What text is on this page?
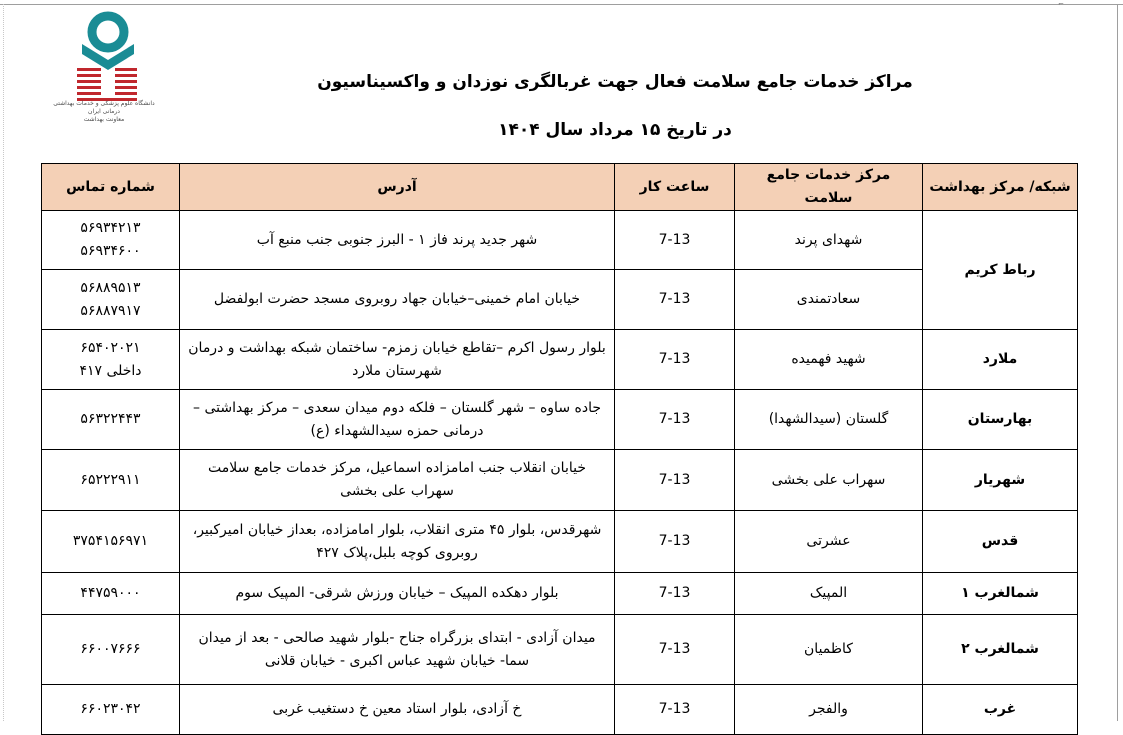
⌐
دانشگاه علوم پزشکی و خدمات بهداشتی درمانی ایران
معاونت بهداشت
مراکز خدمات جامع سلامت فعال جهت غربالگری نوزدان و واکسیناسیون
در تاریخ ۱۵ مرداد سال ۱۴۰۴
شبکه/ مرکز بهداشت	مرکز خدمات جامع سلامت	ساعت کار	آدرس	شماره تماس
رباط کریم	شهدای پرند	7-13	شهر جدید پرند فاز ۱ - البرز جنوبی جنب منبع آب	۵۶۹۳۴۲۱۳
۵۶۹۳۴۶۰۰

	سعادتمندی	7-13	خیابان امام خمینی–خیابان جهاد روبروی مسجد حضرت ابولفضل	۵۶۸۸۹۵۱۳
۵۶۸۸۷۹۱۷

ملارد	شهید فهمیده	7-13	بلوار رسول اکرم –تقاطع خیابان زمزم- ساختمان شبکه بهداشت و درمان شهرستان ملارد	۶۵۴۰۲۰۲۱
داخلی ۴۱۷

بهارستان	گلستان (سیدالشهدا)	7-13	جاده ساوه – شهر گلستان – فلکه دوم میدان سعدی – مرکز بهداشتی – درمانی حمزه سیدالشهداء (ع)	۵۶۳۲۲۴۴۳

شهریار	سهراب علی بخشی	7-13	خیابان انقلاب جنب امامزاده اسماعیل، مرکز خدمات جامع سلامت سهراب علی بخشی	۶۵۲۲۲۹۱۱

قدس	عشرتی	7-13	شهرقدس، بلوار ۴۵ متری انقلاب، بلوار امامزاده، بعداز خیابان امیرکبیر، روبروی کوچه بلبل،پلاک ۴۲۷	۳۷۵۴۱۵۶۹۷۱

شمالغرب ۱	المپیک	7-13	بلوار دهکده المپیک – خیابان ورزش شرقی- المپیک سوم	۴۴۷۵۹۰۰۰

شمالغرب ۲	کاظمیان	7-13	میدان آزادی - ابتدای بزرگراه جناح -بلوار شهید صالحی - بعد از میدان سما- خیابان شهید عباس اکبری - خیابان قلانی	۶۶۰۰۷۶۶۶

غرب	والفجر	7-13	خ آزادی، بلوار استاد معین خ دستغیب غربی	۶۶۰۲۳۰۴۲
